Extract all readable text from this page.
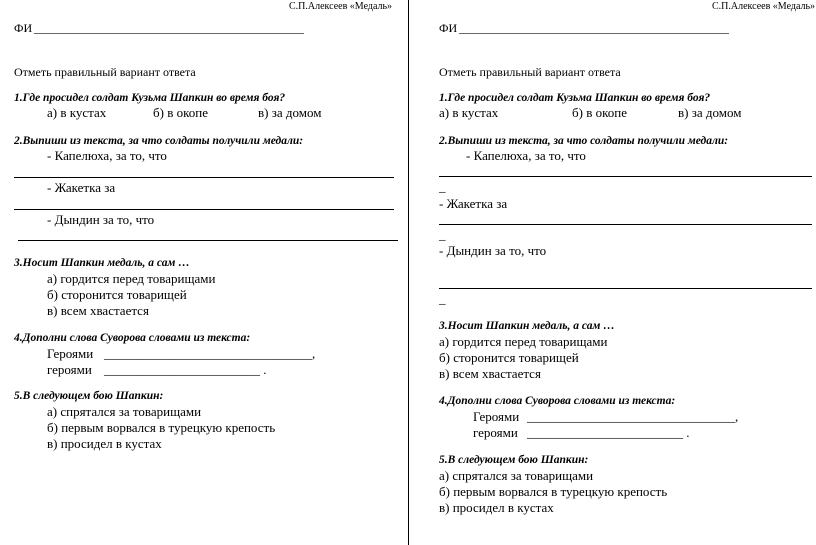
С.П.Алексеев «Медаль»
ФИ _____________________________________________
Отметь правильный вариант ответа
1.Где просидел солдат Кузьма Шапкин во время боя?
а) в кустах	б) в окопе	в) за домом
2.Выпиши из текста, за что солдаты получили медали:
- Капелюха, за то, что
- Жакетка за
- Дындин за то, что
3.Носит Шапкин медаль, а сам …
а) гордится перед товарищами
б) сторонится товарищей
в) всем хвастается
4.Дополни слова Суворова словами из текста:
Героями ________________________________,
героями ________________________ .
5.В следующем бою Шапкин:
а) спрятался за товарищами
б) первым ворвался в турецкую крепость
в) просидел в кустах
С.П.Алексеев «Медаль»
ФИ _____________________________________________
Отметь правильный вариант ответа
1.Где просидел солдат Кузьма Шапкин во время боя?
а) в кустах	б) в окопе	в) за домом
2.Выпиши из текста, за что солдаты получили медали:
- Капелюха, за то, что
_
- Жакетка за
_
- Дындин за то, что
_
3.Носит Шапкин медаль, а сам …
а) гордится перед товарищами
б) сторонится товарищей
в) всем хвастается
4.Дополни слова Суворова словами из текста:
Героями ________________________________,
героями ________________________ .
5.В следующем бою Шапкин:
а) спрятался за товарищами
б) первым ворвался в турецкую крепость
в) просидел в кустах
